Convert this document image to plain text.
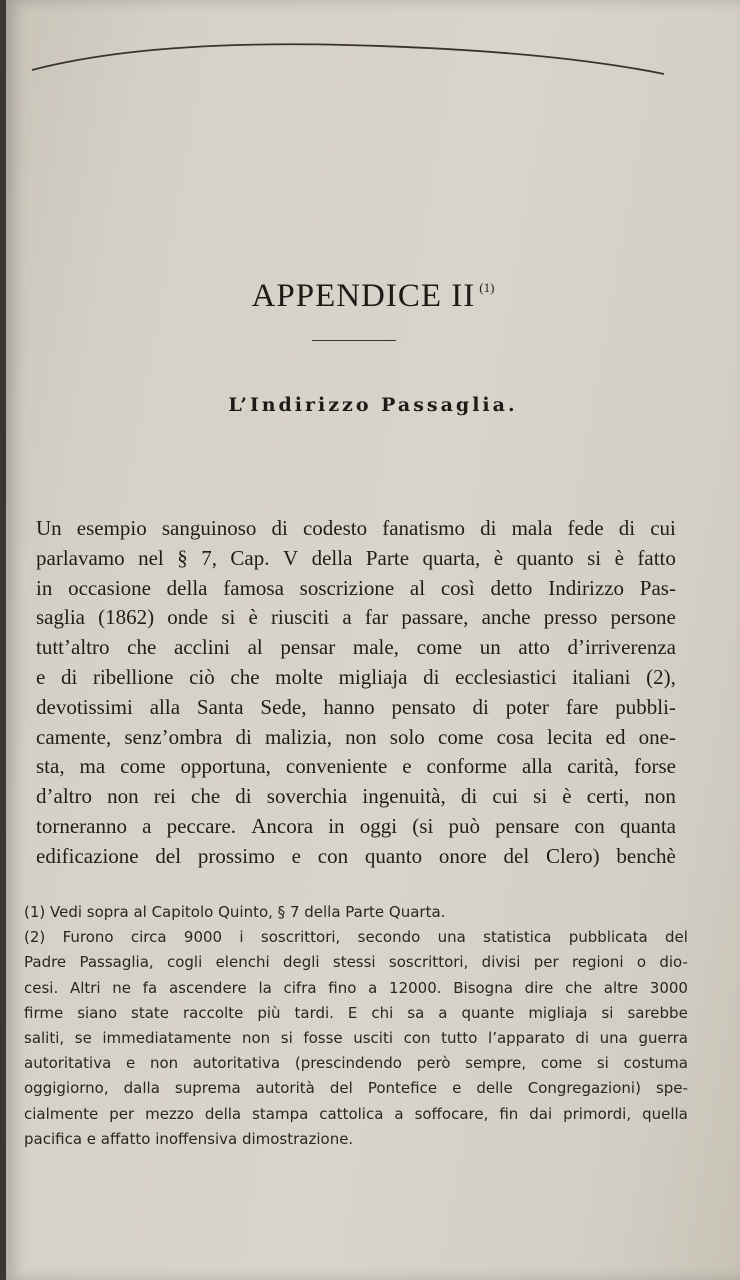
APPENDICE II $^{(1)}$
L’Indirizzo Passaglia.
Un esempio sanguinoso di codesto fanatismo di mala fede di cui
parlavamo nel § 7, Cap. V della Parte quarta, è quanto si è fatto
in occasione della famosa soscrizione al così detto Indirizzo Pas-
saglia (1862) onde si è riusciti a far passare, anche presso persone
tutt’altro che acclini al pensar male, come un atto d’irriverenza
e di ribellione ciò che molte migliaja di ecclesiastici italiani (2),
devotissimi alla Santa Sede, hanno pensato di poter fare pubbli-
camente, senz’ombra di malizia, non solo come cosa lecita ed one-
sta, ma come opportuna, conveniente e conforme alla carità, forse
d’altro non rei che di soverchia ingenuità, di cui si è certi, non
torneranno a peccare. Ancora in oggi (si può pensare con quanta
edificazione del prossimo e con quanto onore del Clero) benchè
(1) Vedi sopra al Capitolo Quinto, § 7 della Parte Quarta.
(2) Furono circa 9000 i soscrittori, secondo una statistica pubblicata del
Padre Passaglia, cogli elenchi degli stessi soscrittori, divisi per regioni o dio-
cesi. Altri ne fa ascendere la cifra fino a 12000. Bisogna dire che altre 3000
firme siano state raccolte più tardi. E chi sa a quante migliaja si sarebbe
saliti, se immediatamente non si fosse usciti con tutto l’apparato di una guerra
autoritativa e non autoritativa (prescindendo però sempre, come si costuma
oggigiorno, dalla suprema autorità del Pontefice e delle Congregazioni) spe-
cialmente per mezzo della stampa cattolica a soffocare, fin dai primordi, quella
pacifica e affatto inoffensiva dimostrazione.
